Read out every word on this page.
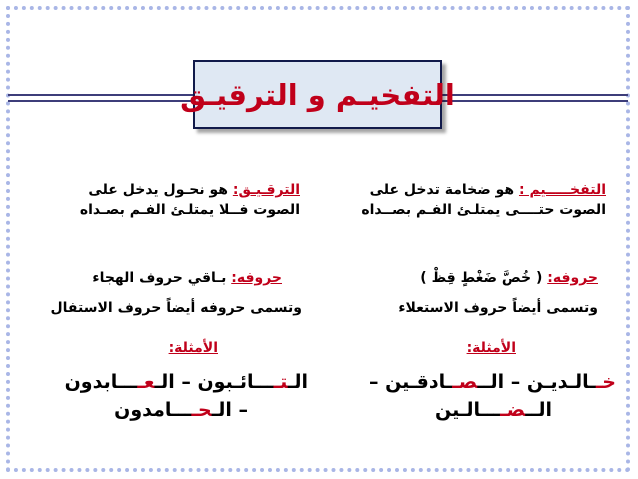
التفخيـم و الترقيـق
التفخـــــيم : هو ضخامة تدخل على
الصوت حتــــى يمتلـئ الفـم بصــداه
حروفه: ( خُصَّ ضَغْطٍ قِظْ )
وتسمى أيضاً حروف الاستعلاء
الأمثلة:
خــالـديـن – الــصــادقـين –
الــضــــالـين
الترقـيـق: هو نحـول يدخل على
الصوت فــلا يمتلـئ الفـم بصـداه
حروفه: بـاقي حروف الهجاء
وتسمى حروفه أيضاً حروف الاستفال
الأمثلة:
الـتــــائـبون – الـعــــابدون
– الـحــــامدون
